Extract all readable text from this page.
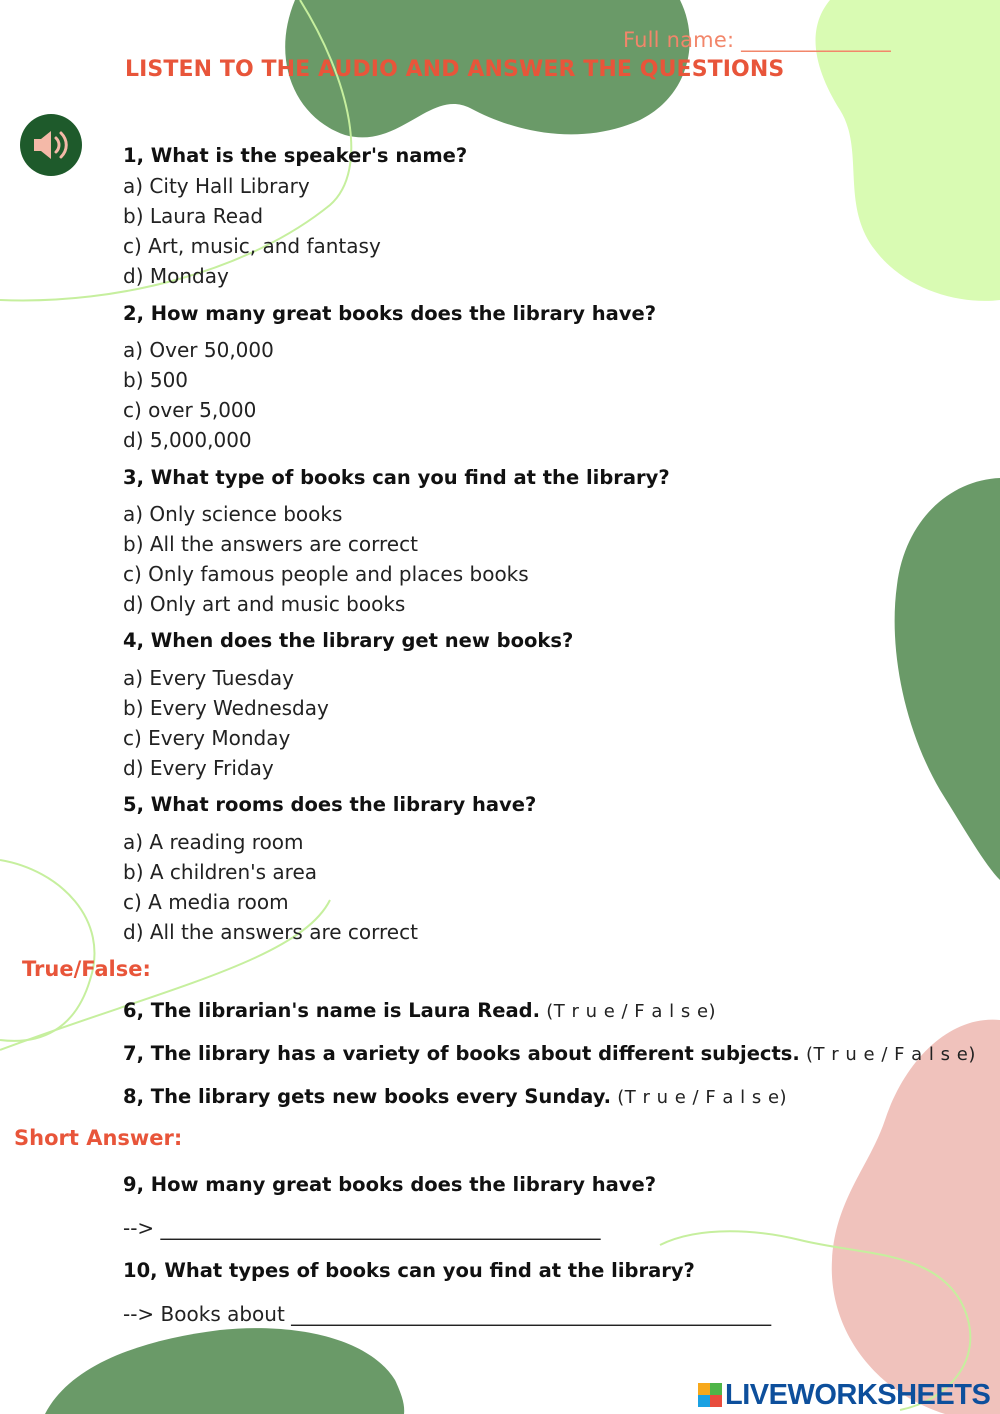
Full name: ______________
LISTEN TO THE AUDIO AND ANSWER THE QUESTIONS
1, What is the speaker's name?
a) City Hall Library
b) Laura Read
c) Art, music, and fantasy
d) Monday
2, How many great books does the library have?
a) Over 50,000
b) 500
c) over 5,000
d) 5,000,000
3, What type of books can you find at the library?
a) Only science books
b) All the answers are correct
c) Only famous people and places books
d) Only art and music books
4, When does the library get new books?
a) Every Tuesday
b) Every Wednesday
c) Every Monday
d) Every Friday
5, What rooms does the library have?
a) A reading room
b) A children's area
c) A media room
d) All the answers are correct
True/False:
6, The librarian's name is Laura Read. (T r u e / F a l s e)
7, The library has a variety of books about different subjects. (T r u e / F a l s e)
8, The library gets new books every Sunday. (T r u e / F a l s e)
Short Answer:
9, How many great books does the library have?
--> ____________________________________________
10, What types of books can you find at the library?
--> Books about ________________________________________________
LIVEWORKSHEETS
